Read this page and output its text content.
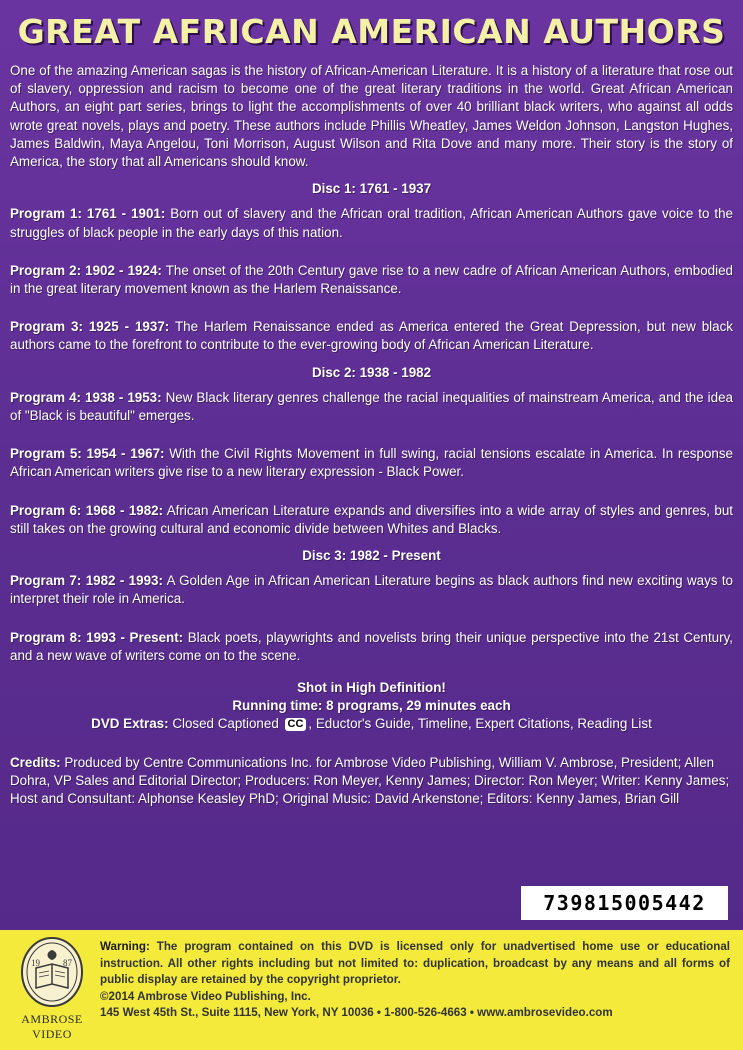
GREAT AFRICAN AMERICAN AUTHORS

One of the amazing American sagas is the history of African-American Literature. It is a history of a literature that rose out of slavery, oppression and racism to become one of the great literary traditions in the world. Great African American Authors, an eight part series, brings to light the accomplishments of over 40 brilliant black writers, who against all odds wrote great novels, plays and poetry. These authors include Phillis Wheatley, James Weldon Johnson, Langston Hughes, James Baldwin, Maya Angelou, Toni Morrison, August Wilson and Rita Dove and many more. Their story is the story of America, the story that all Americans should know.

Disc 1: 1761 - 1937

Program 1: 1761 - 1901: Born out of slavery and the African oral tradition, African American Authors gave voice to the struggles of black people in the early days of this nation.

Program 2: 1902 - 1924: The onset of the 20th Century gave rise to a new cadre of African American Authors, embodied in the great literary movement known as the Harlem Renaissance.

Program 3: 1925 - 1937: The Harlem Renaissance ended as America entered the Great Depression, but new black authors came to the forefront to contribute to the ever-growing body of African American Literature.

Disc 2: 1938 - 1982

Program 4: 1938 - 1953: New Black literary genres challenge the racial inequalities of mainstream America, and the idea of "Black is beautiful" emerges.

Program 5: 1954 - 1967: With the Civil Rights Movement in full swing, racial tensions escalate in America. In response African American writers give rise to a new literary expression - Black Power.

Program 6: 1968 - 1982: African American Literature expands and diversifies into a wide array of styles and genres, but still takes on the growing cultural and economic divide between Whites and Blacks.

Disc 3: 1982 - Present

Program 7: 1982 - 1993: A Golden Age in African American Literature begins as black authors find new exciting ways to interpret their role in America.

Program 8: 1993 - Present: Black poets, playwrights and novelists bring their unique perspective into the 21st Century, and a new wave of writers come on to the scene.

Shot in High Definition!
Running time: 8 programs, 29 minutes each
DVD Extras: Closed Captioned CC , Eductor's Guide, Timeline, Expert Citations, Reading List

Credits: Produced by Centre Communications Inc. for Ambrose Video Publishing, William V. Ambrose, President; Allen Dohra, VP Sales and Editorial Director; Producers: Ron Meyer, Kenny James; Director: Ron Meyer; Writer: Kenny James; Host and Consultant: Alphonse Keasley PhD; Original Music: David Arkenstone; Editors: Kenny James, Brian Gill

739815005442
19	87
AMBROSE
VIDEO
Warning: The program contained on this DVD is licensed only for unadvertised home use or educational instruction. All other rights including but not limited to: duplication, broadcast by any means and all forms of public display are retained by the copyright proprietor.
©2014 Ambrose Video Publishing, Inc.
145 West 45th St., Suite 1115, New York, NY 10036 • 1-800-526-4663 • www.ambrosevideo.com
